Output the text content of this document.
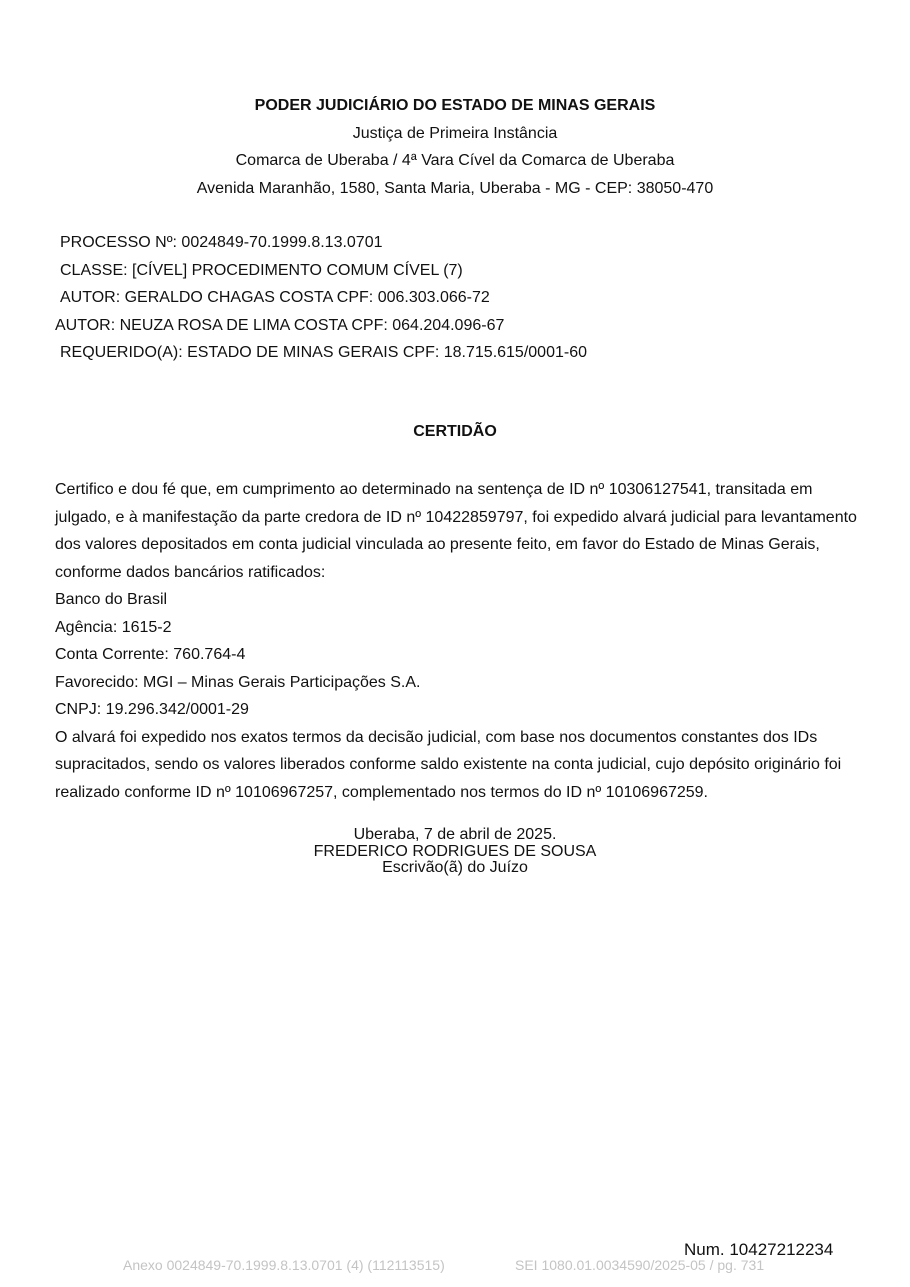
PODER JUDICIÁRIO DO ESTADO DE MINAS GERAIS
Justiça de Primeira Instância
Comarca de Uberaba / 4ª Vara Cível da Comarca de Uberaba
Avenida Maranhão, 1580, Santa Maria, Uberaba - MG - CEP: 38050-470
PROCESSO Nº: 0024849-70.1999.8.13.0701
CLASSE: [CÍVEL] PROCEDIMENTO COMUM CÍVEL (7)
AUTOR: GERALDO CHAGAS COSTA CPF: 006.303.066-72
AUTOR: NEUZA ROSA DE LIMA COSTA CPF: 064.204.096-67
REQUERIDO(A): ESTADO DE MINAS GERAIS CPF: 18.715.615/0001-60
CERTIDÃO

Certifico e dou fé que, em cumprimento ao determinado na sentença de ID nº 10306127541, transitada em julgado, e à manifestação da parte credora de ID nº 10422859797, foi expedido alvará judicial para levantamento dos valores depositados em conta judicial vinculada ao presente feito, em favor do Estado de Minas Gerais, conforme dados bancários ratificados:

Banco do Brasil

Agência: 1615-2

Conta Corrente: 760.764-4

Favorecido: MGI – Minas Gerais Participações S.A.

CNPJ: 19.296.342/0001-29

O alvará foi expedido nos exatos termos da decisão judicial, com base nos documentos constantes dos IDs supracitados, sendo os valores liberados conforme saldo existente na conta judicial, cujo depósito originário foi realizado conforme ID nº 10106967257, complementado nos termos do ID nº 10106967259.

Uberaba, 7 de abril de 2025.
FREDERICO RODRIGUES DE SOUSA
Escrivão(ã) do Juízo
Num. 10427212234
Anexo 0024849-70.1999.8.13.0701 (4) (112113515)	SEI 1080.01.0034590/2025-05 / pg. 731
